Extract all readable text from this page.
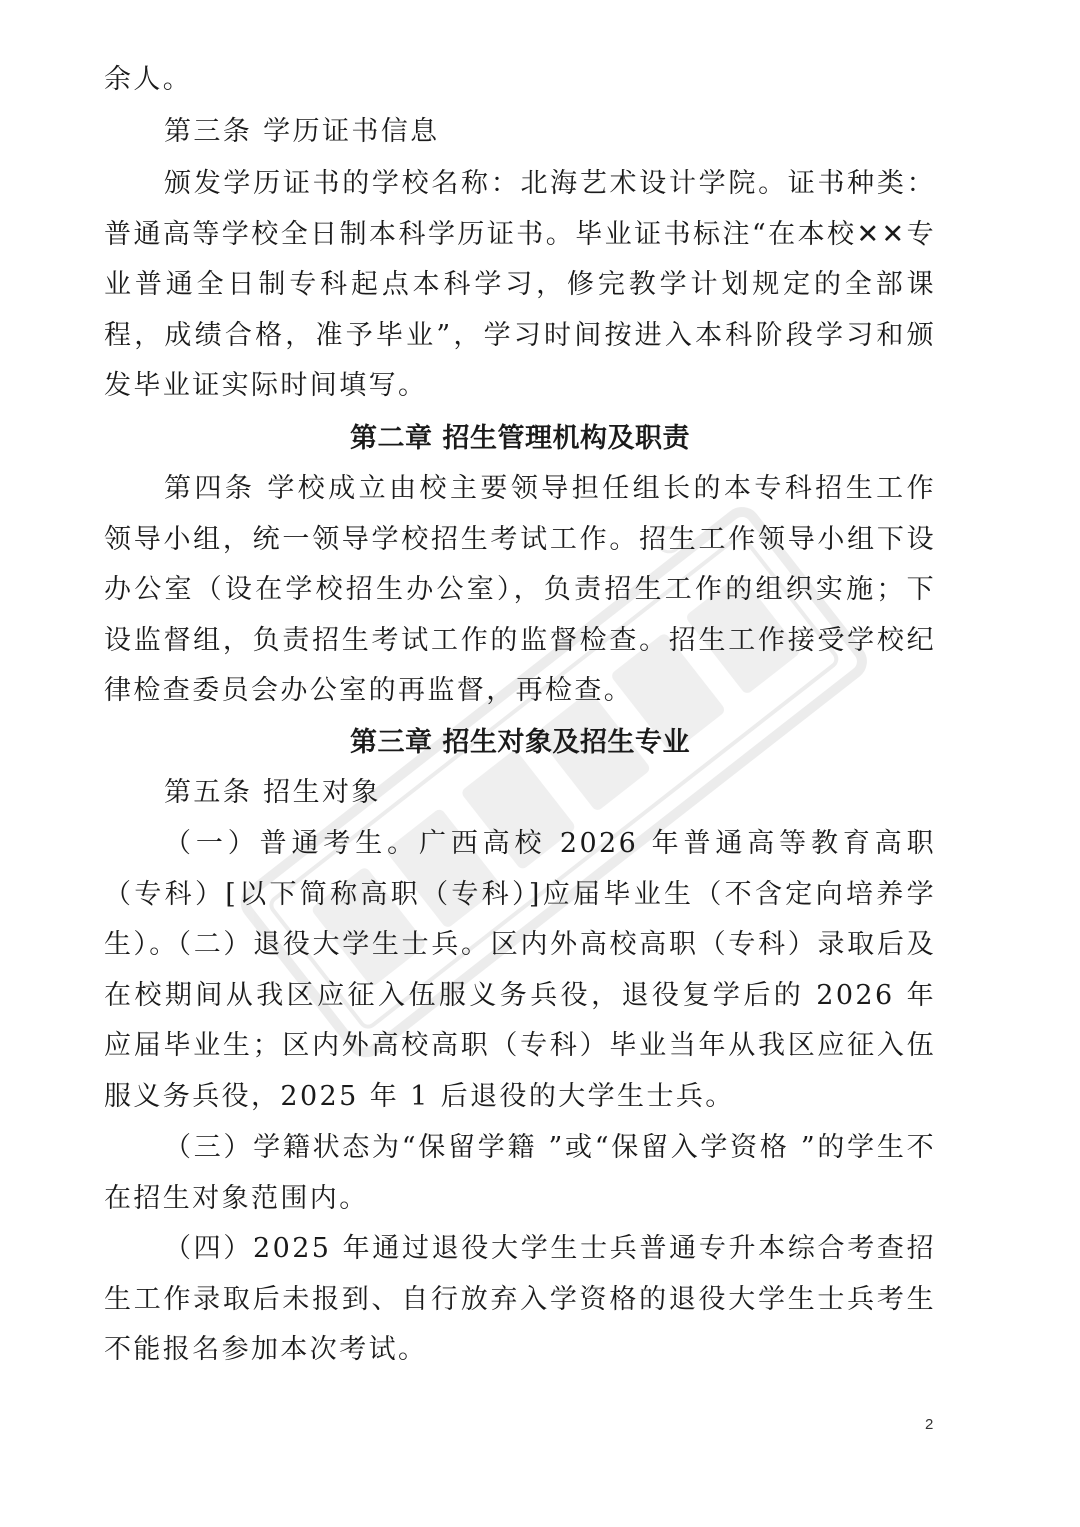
余人。

第三条 学历证书信息

颁发学历证书的学校名称：北海艺术设计学院。证书种类：普通高等学校全日制本科学历证书。毕业证书标注“在本校✕✕专业普通全日制专科起点本科学习，修完教学计划规定的全部课程，成绩合格，准予毕业”，学习时间按进入本科阶段学习和颁发毕业证实际时间填写。

第二章 招生管理机构及职责

第四条 学校成立由校主要领导担任组长的本专科招生工作领导小组，统一领导学校招生考试工作。招生工作领导小组下设办公室（设在学校招生办公室），负责招生工作的组织实施；下设监督组，负责招生考试工作的监督检查。招生工作接受学校纪律检查委员会办公室的再监督，再检查。

第三章 招生对象及招生专业

第五条 招生对象

（一）普通考生。广西高校 2026 年普通高等教育高职（专科）[以下简称高职（专科）]应届毕业生（不含定向培养学生）。

（二）退役大学生士兵。区内外高校高职（专科）录取后及在校期间从我区应征入伍服义务兵役，退役复学后的 2026 年应届毕业生；区内外高校高职（专科）毕业当年从我区应征入伍服义务兵役，2025 年 1 后退役的大学生士兵。

（三）学籍状态为“保留学籍 ”或“保留入学资格 ”的学生不在招生对象范围内。

（四）2025 年通过退役大学生士兵普通专升本综合考查招生工作录取后未报到、自行放弃入学资格的退役大学生士兵考生不能报名参加本次考试。

2
